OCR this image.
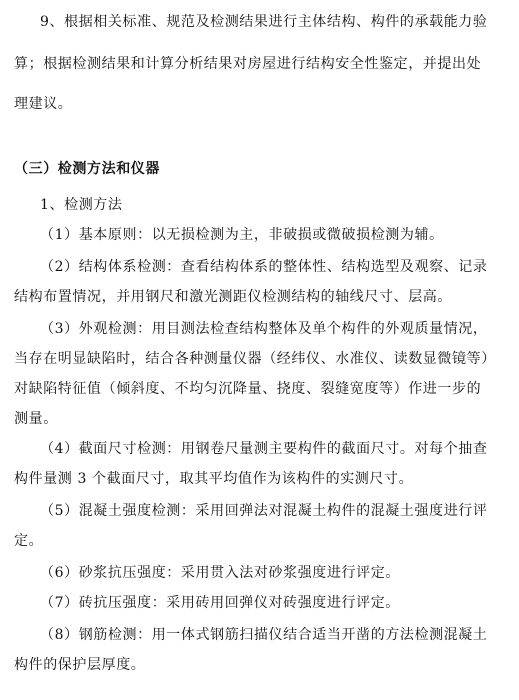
9、根据相关标准、规范及检测结果进行主体结构、构件的承载能力验
算；根据检测结果和计算分析结果对房屋进行结构安全性鉴定，并提出处
理建议。
（三）检测方法和仪器
1、检测方法
（1）基本原则：以无损检测为主，非破损或微破损检测为辅。
（2）结构体系检测：查看结构体系的整体性、结构选型及观察、记录
结构布置情况，并用钢尺和激光测距仪检测结构的轴线尺寸、层高。
（3）外观检测：用目测法检查结构整体及单个构件的外观质量情况，
当存在明显缺陷时，结合各种测量仪器（经纬仪、水准仪、读数显微镜等）
对缺陷特征值（倾斜度、不均匀沉降量、挠度、裂缝宽度等）作进一步的
测量。
（4）截面尺寸检测：用钢卷尺量测主要构件的截面尺寸。对每个抽查
构件量测 3 个截面尺寸，取其平均值作为该构件的实测尺寸。
（5）混凝土强度检测：采用回弹法对混凝土构件的混凝土强度进行评
定。
（6）砂浆抗压强度：采用贯入法对砂浆强度进行评定。
（7）砖抗压强度：采用砖用回弹仪对砖强度进行评定。
（8）钢筋检测：用一体式钢筋扫描仪结合适当开凿的方法检测混凝土
构件的保护层厚度。
